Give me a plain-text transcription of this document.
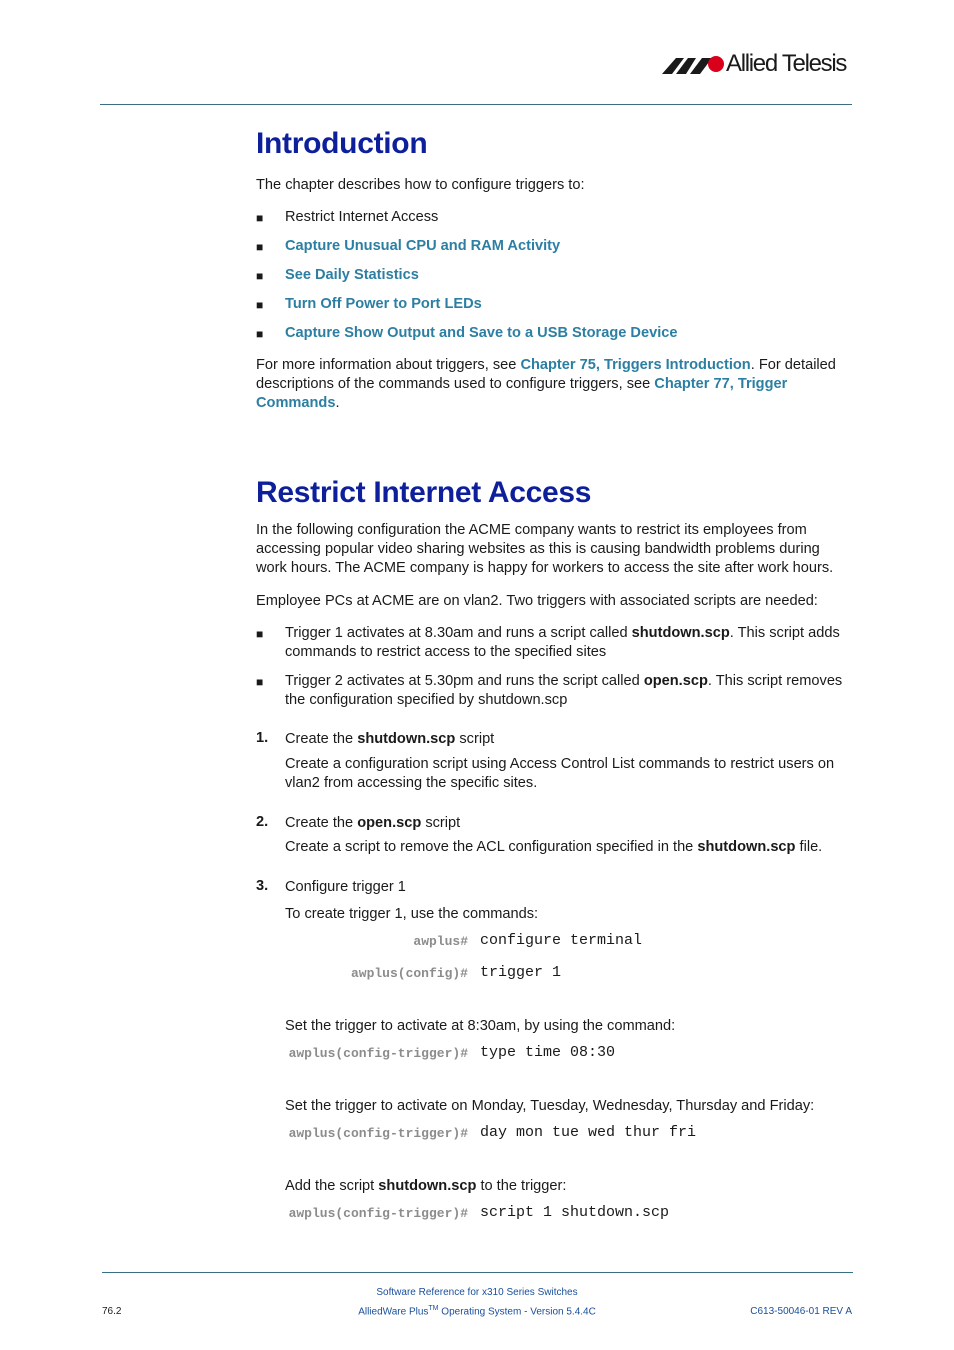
Allied Telesis
Introduction
The chapter describes how to configure triggers to:
■ Restrict Internet Access
■ Capture Unusual CPU and RAM Activity
■ See Daily Statistics
■ Turn Off Power to Port LEDs
■ Capture Show Output and Save to a USB Storage Device
For more information about triggers, see Chapter 75, Triggers Introduction. For detailed descriptions of the commands used to configure triggers, see Chapter 77, Trigger Commands.
Restrict Internet Access
In the following configuration the ACME company wants to restrict its employees from accessing popular video sharing websites as this is causing bandwidth problems during work hours. The ACME company is happy for workers to access the site after work hours.
Employee PCs at ACME are on vlan2. Two triggers with associated scripts are needed:
■ Trigger 1 activates at 8.30am and runs a script called shutdown.scp. This script adds commands to restrict access to the specified sites
■ Trigger 2 activates at 5.30pm and runs the script called open.scp. This script removes the configuration specified by shutdown.scp
1. Create the shutdown.scp script
Create a configuration script using Access Control List commands to restrict users on vlan2 from accessing the specific sites.
2. Create the open.scp script
Create a script to remove the ACL configuration specified in the shutdown.scp file.
3. Configure trigger 1
To create trigger 1, use the commands:
awplus# configure terminal
awplus(config)# trigger 1
Set the trigger to activate at 8:30am, by using the command:
awplus(config-trigger)# type time 08:30
Set the trigger to activate on Monday, Tuesday, Wednesday, Thursday and Friday:
awplus(config-trigger)# day mon tue wed thur fri
Add the script shutdown.scp to the trigger:
awplus(config-trigger)# script 1 shutdown.scp
Software Reference for x310 Series Switches
AlliedWare Plus™ Operating System - Version 5.4.4C
76.2	C613-50046-01 REV A
